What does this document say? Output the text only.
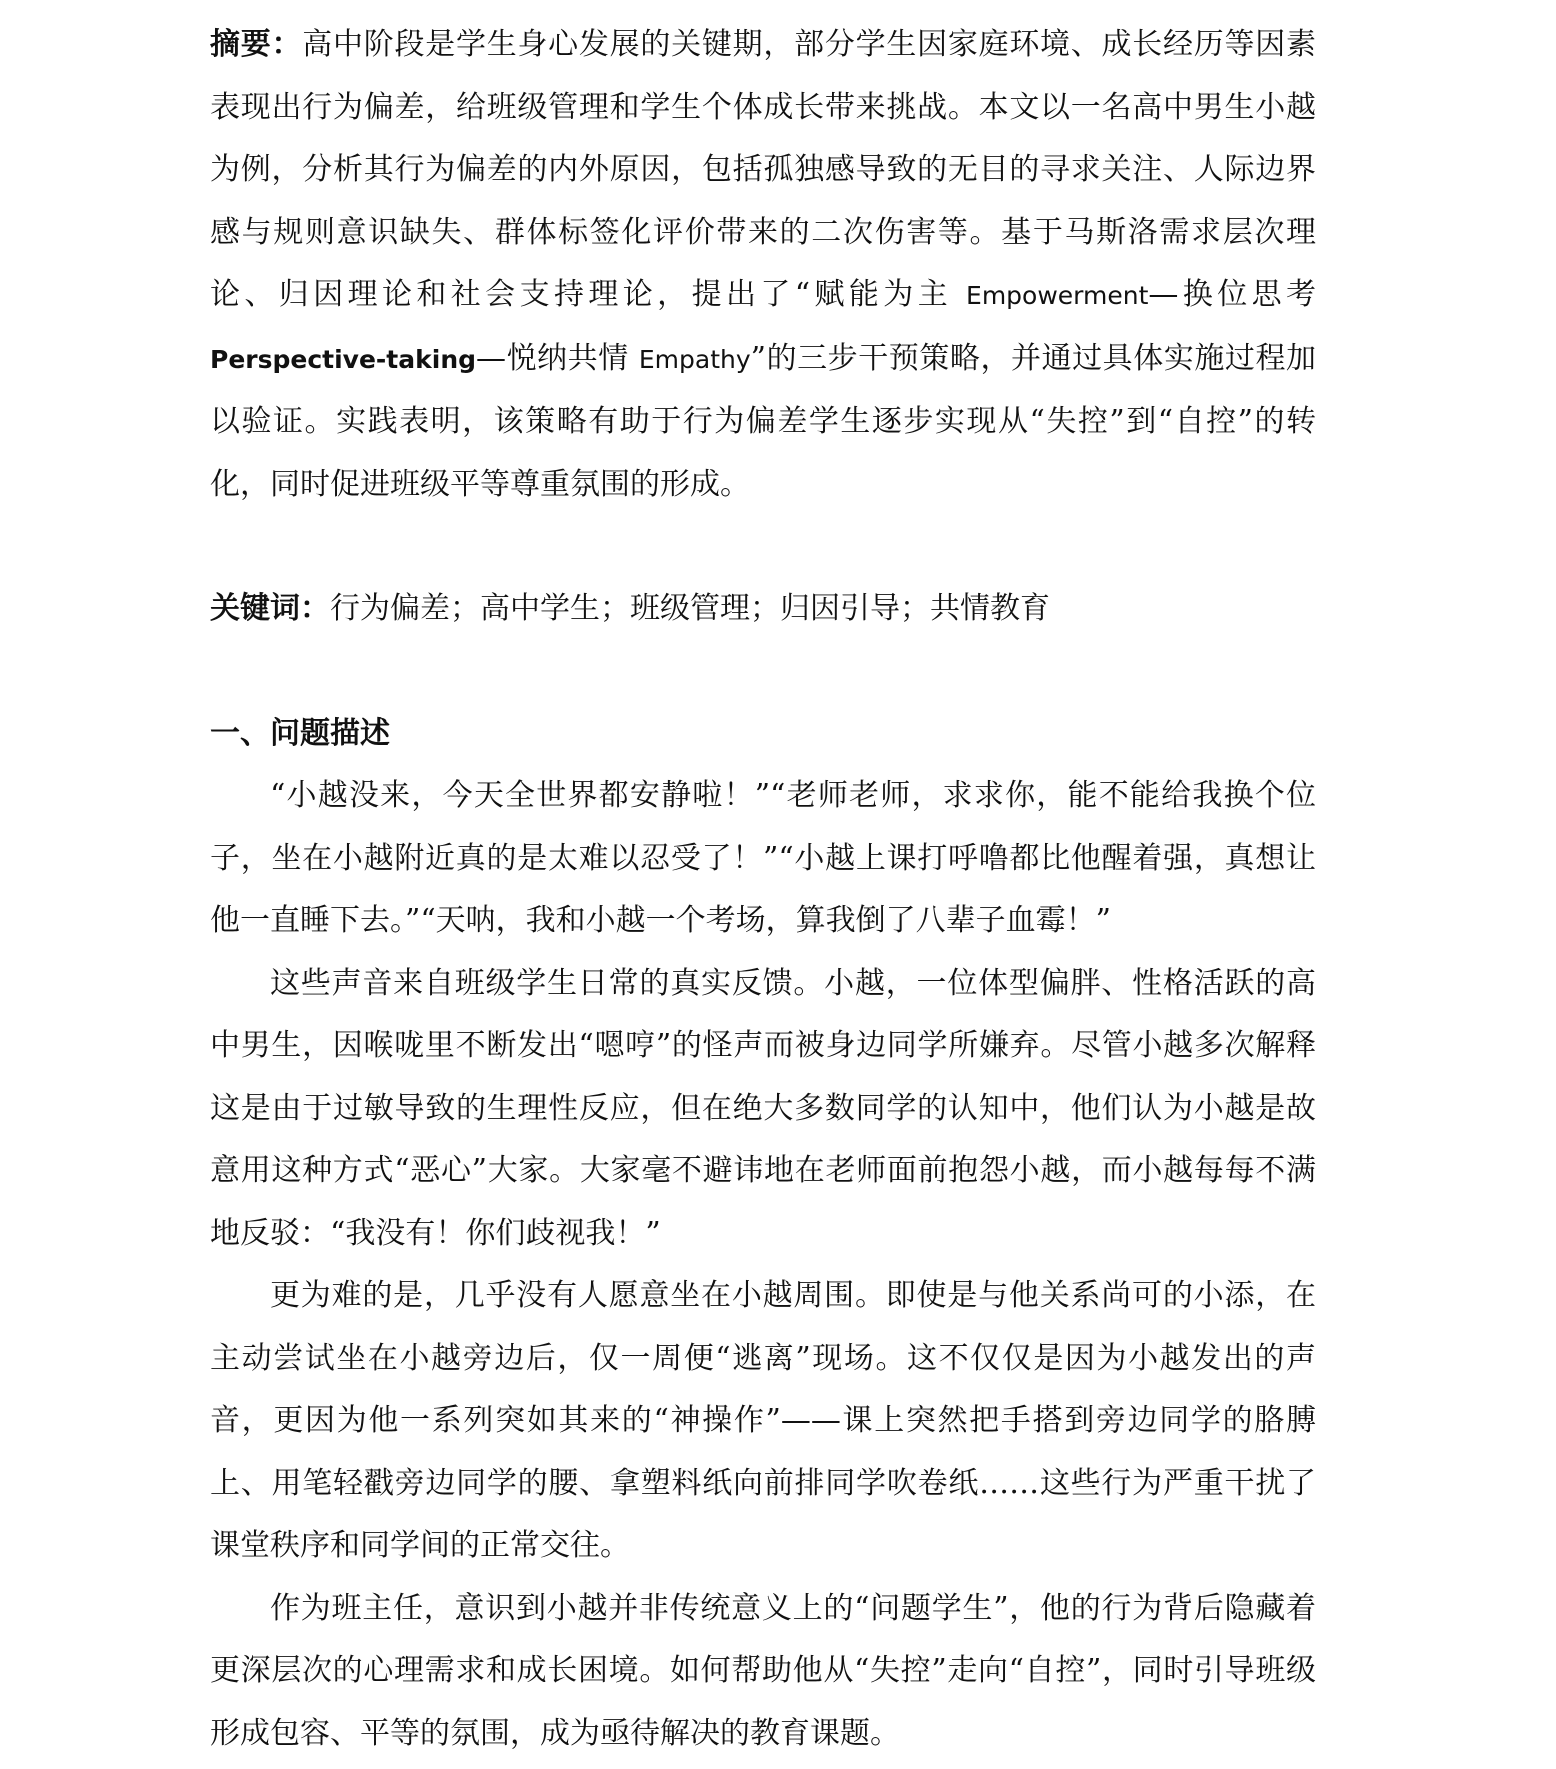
摘要：高中阶段是学生身心发展的关键期，部分学生因家庭环境、成长经历等因素表现出行为偏差，给班级管理和学生个体成长带来挑战。本文以一名高中男生小越为例，分析其行为偏差的内外原因，包括孤独感导致的无目的寻求关注、人际边界感与规则意识缺失、群体标签化评价带来的二次伤害等。基于马斯洛需求层次理论、归因理论和社会支持理论，提出了“赋能为主 Empowerment—换位思考 Perspective-taking—悦纳共情 Empathy”的三步干预策略，并通过具体实施过程加以验证。实践表明，该策略有助于行为偏差学生逐步实现从“失控”到“自控”的转化，同时促进班级平等尊重氛围的形成。

关键词：行为偏差；高中学生；班级管理；归因引导；共情教育

一、问题描述

“小越没来，今天全世界都安静啦！”“老师老师，求求你，能不能给我换个位子，坐在小越附近真的是太难以忍受了！”“小越上课打呼噜都比他醒着强，真想让他一直睡下去。”“天呐，我和小越一个考场，算我倒了八辈子血霉！”

这些声音来自班级学生日常的真实反馈。小越，一位体型偏胖、性格活跃的高中男生，因喉咙里不断发出“嗯哼”的怪声而被身边同学所嫌弃。尽管小越多次解释这是由于过敏导致的生理性反应，但在绝大多数同学的认知中，他们认为小越是故意用这种方式“恶心”大家。大家毫不避讳地在老师面前抱怨小越，而小越每每不满地反驳：“我没有！你们歧视我！”

更为难的是，几乎没有人愿意坐在小越周围。即使是与他关系尚可的小添，在主动尝试坐在小越旁边后，仅一周便“逃离”现场。这不仅仅是因为小越发出的声音，更因为他一系列突如其来的“神操作”——课上突然把手搭到旁边同学的胳膊上、用笔轻戳旁边同学的腰、拿塑料纸向前排同学吹卷纸……这些行为严重干扰了课堂秩序和同学间的正常交往。

作为班主任，意识到小越并非传统意义上的“问题学生”，他的行为背后隐藏着更深层次的心理需求和成长困境。如何帮助他从“失控”走向“自控”，同时引导班级形成包容、平等的氛围，成为亟待解决的教育课题。
